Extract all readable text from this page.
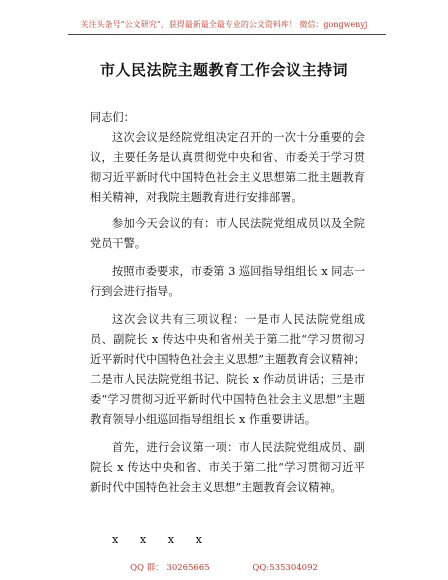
关注头条号“公文研究”，获得最新最全最专业的公文资料库！ 微信：gongwenyj
市人民法院主题教育工作会议主持词

同志们：

这次会议是经院党组决定召开的一次十分重要的会议，主要任务是认真贯彻党中央和省、市委关于学习贯彻习近平新时代中国特色社会主义思想第二批主题教育相关精神，对我院主题教育进行安排部署。

参加今天会议的有：市人民法院党组成员以及全院党员干警。

按照市委要求，市委第 3 巡回指导组组长 x 同志一行到会进行指导。

这次会议共有三项议程：一是市人民法院党组成员、副院长 x 传达中央和省州关于第二批“学习贯彻习近平新时代中国特色社会主义思想”主题教育会议精神；二是市人民法院党组书记、院长 x 作动员讲话；三是市委“学习贯彻习近平新时代中国特色社会主义思想”主题教育领导小组巡回指导组组长 x 作重要讲话。

首先，进行会议第一项：市人民法院党组成员、副院长 x 传达中央和省、市关于第二批“学习贯彻习近平新时代中国特色社会主义思想”主题教育会议精神。

x x x x
QQ 群： 30265665	QQ:535304092
